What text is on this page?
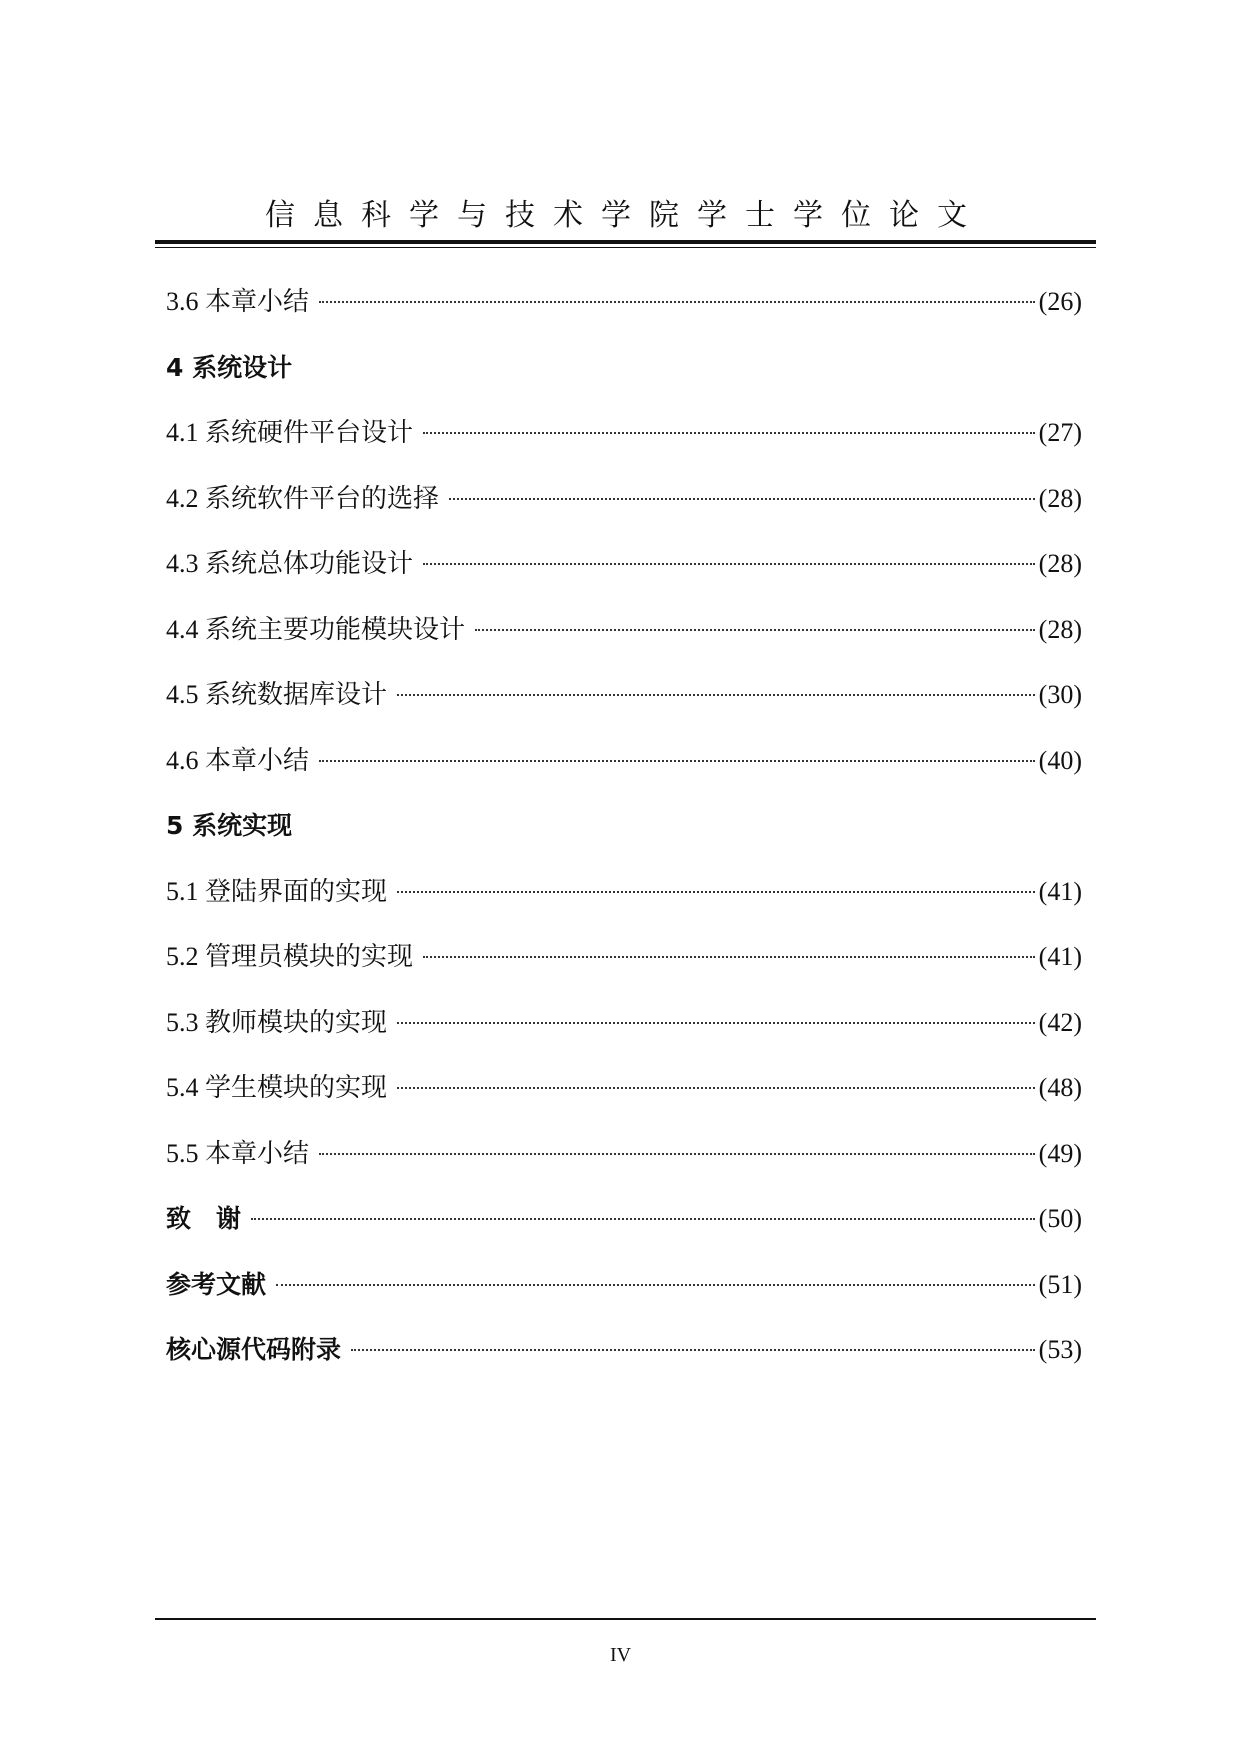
信息科学与技术学院学士学位论文
3.6 本章小结	(26)
4 系统设计
4.1 系统硬件平台设计	(27)
4.2 系统软件平台的选择	(28)
4.3 系统总体功能设计	(28)
4.4 系统主要功能模块设计	(28)
4.5 系统数据库设计	(30)
4.6 本章小结	(40)
5 系统实现
5.1 登陆界面的实现	(41)
5.2 管理员模块的实现	(41)
5.3 教师模块的实现	(42)
5.4 学生模块的实现	(48)
5.5 本章小结	(49)
致　谢	(50)
参考文献	(51)
核心源代码附录	(53)
IV
